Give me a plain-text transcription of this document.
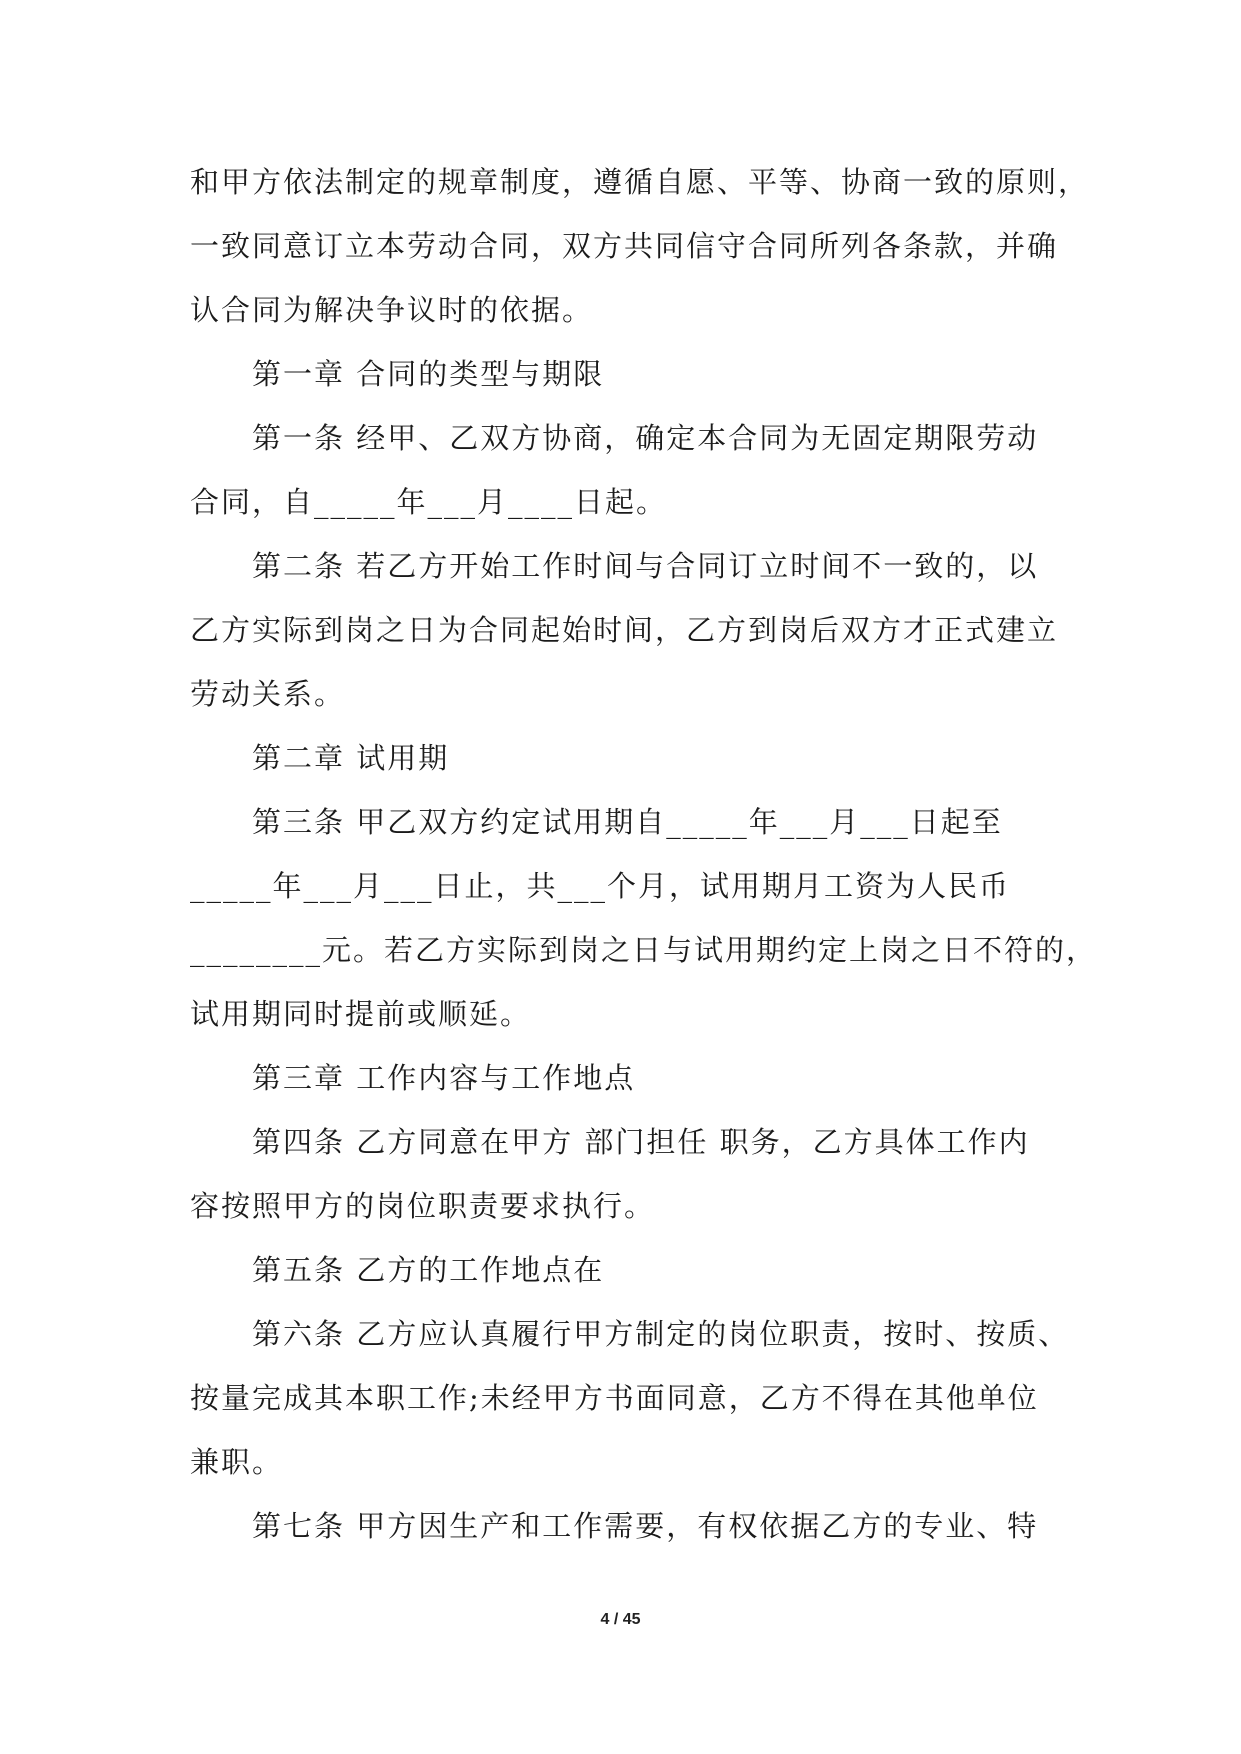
和甲方依法制定的规章制度，遵循自愿、平等、协商一致的原则，
一致同意订立本劳动合同，双方共同信守合同所列各条款，并确
认合同为解决争议时的依据。
第一章 合同的类型与期限
第一条 经甲、乙双方协商，确定本合同为无固定期限劳动
合同，自_____年___月____日起。
第二条 若乙方开始工作时间与合同订立时间不一致的，以
乙方实际到岗之日为合同起始时间，乙方到岗后双方才正式建立
劳动关系。
第二章 试用期
第三条 甲乙双方约定试用期自_____年___月___日起至
_____年___月___日止，共___个月，试用期月工资为人民币
________元。若乙方实际到岗之日与试用期约定上岗之日不符的，
试用期同时提前或顺延。
第三章 工作内容与工作地点
第四条 乙方同意在甲方 部门担任 职务，乙方具体工作内
容按照甲方的岗位职责要求执行。
第五条 乙方的工作地点在
第六条 乙方应认真履行甲方制定的岗位职责，按时、按质、
按量完成其本职工作;未经甲方书面同意，乙方不得在其他单位
兼职。
第七条 甲方因生产和工作需要，有权依据乙方的专业、特
4 / 45
